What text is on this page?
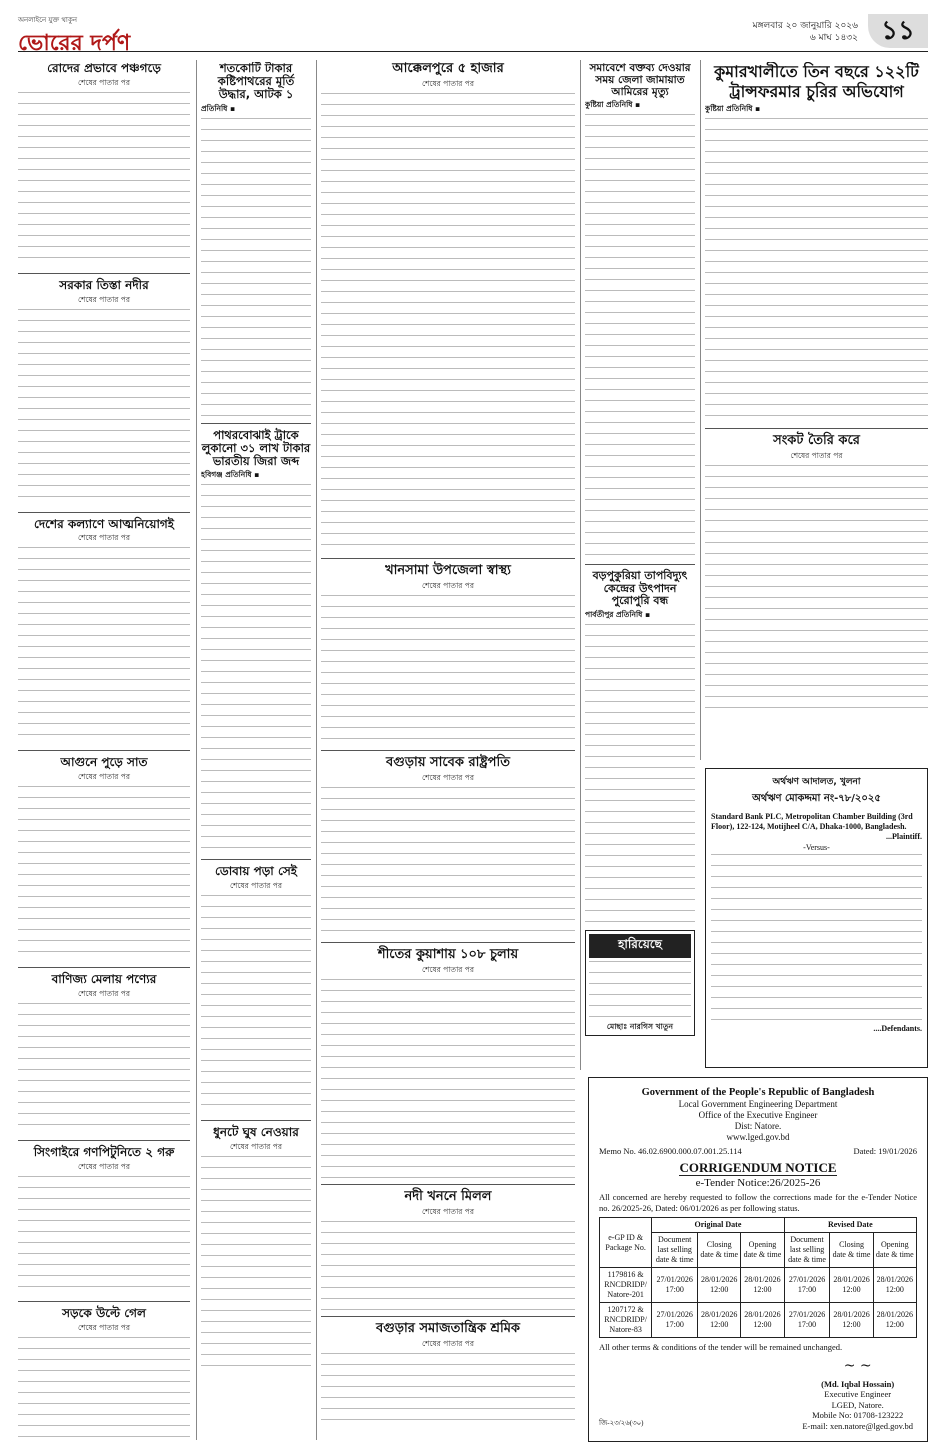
অনলাইনে যুক্ত থাকুন
ভোরের দর্পণ
মঙ্গলবার ২০ জানুয়ারি ২০২৬
৬ মাঘ ১৪৩২ ১১
রোদের প্রভাবে পঞ্চগড়ে
শেষের পাতার পর
সরকার তিস্তা নদীর
শেষের পাতার পর
দেশের কল্যাণে আত্মনিয়োগই
শেষের পাতার পর
আগুনে পুড়ে সাত
শেষের পাতার পর
বাণিজ্য মেলায় পণ্যের
শেষের পাতার পর
সিংগাইরে গণপিটুনিতে ২ গরু
শেষের পাতার পর
সড়কে উল্টে গেল
শেষের পাতার পর
শতকোটি টাকার কষ্টিপাথরের মূর্তি উদ্ধার, আটক ১
প্রতিনিধি ▪
পাথরবোঝাই ট্রাকে লুকানো ৩১ লাখ টাকার ভারতীয় জিরা জব্দ
হবিগঞ্জ প্রতিনিধি ▪
ডোবায় পড়া সেই
শেষের পাতার পর
ধুনটে ঘুষ নেওয়ার
শেষের পাতার পর
আক্কেলপুরে ৫ হাজার
শেষের পাতার পর
খানসামা উপজেলা স্বাস্থ্য
শেষের পাতার পর
বগুড়ায় সাবেক রাষ্ট্রপতি
শেষের পাতার পর
শীতের কুয়াশায় ১০৮ চুলায়
শেষের পাতার পর
নদী খননে মিলল
শেষের পাতার পর
বগুড়ার সমাজতান্ত্রিক শ্রমিক
শেষের পাতার পর
সমাবেশে বক্তব্য দেওয়ার সময় জেলা জামায়াত আমিরের মৃত্যু
কুষ্টিয়া প্রতিনিধি ▪
বড়পুকুরিয়া তাপবিদ্যুৎ কেন্দ্রের উৎপাদন পুরোপুরি বন্ধ
পার্বতীপুর প্রতিনিধি ▪
হারিয়েছে
মোছাঃ নারগিস খাতুন
কুমারখালীতে তিন বছরে ১২২টি ট্রান্সফরমার চুরির অভিযোগ
কুষ্টিয়া প্রতিনিধি ▪
সংকট তৈরি করে
শেষের পাতার পর
অর্থঋণ আদালত, খুলনা
অর্থঋণ মোকদ্দমা নং-৭৮/২০২৫
Standard Bank PLC, Metropolitan Chamber Building (3rd Floor), 122-124, Motijheel C/A, Dhaka-1000, Bangladesh.
...Plaintiff.
-Versus-
....Defendants.
Government of the People's Republic of Bangladesh
Local Government Engineering Department
Office of the Executive Engineer
Dist: Natore.
www.lged.gov.bd
Memo No. 46.02.6900.000.07.001.25.114	Dated: 19/01/2026
CORRIGENDUM NOTICE
e-Tender Notice:26/2025-26
All concerned are hereby requested to follow the corrections made for the e-Tender Notice no. 26/2025-26, Dated: 06/01/2026 as per following status.
e-GP ID & Package No.	Original Date			Revised Date		
	Document last selling date & time	Closing date & time	Opening date & time	Document last selling date & time	Closing date & time	Opening date & time
1179816 & RNCDRIDP/ Natore-201	27/01/2026 17:00	28/01/2026 12:00	28/01/2026 12:00	27/01/2026 17:00	28/01/2026 12:00	28/01/2026 12:00
1207172 & RNCDRIDP/ Natore-83	27/01/2026 17:00	28/01/2026 12:00	28/01/2026 12:00	27/01/2026 17:00	28/01/2026 12:00	28/01/2026 12:00
All other terms & conditions of the tender will be remained unchanged.
জি-২৩/২৬(৩০)
~ ~
(Md. Iqbal Hossain)
Executive Engineer
LGED, Natore.
Mobile No: 01708-123222
E-mail: xen.natore@lged.gov.bd
